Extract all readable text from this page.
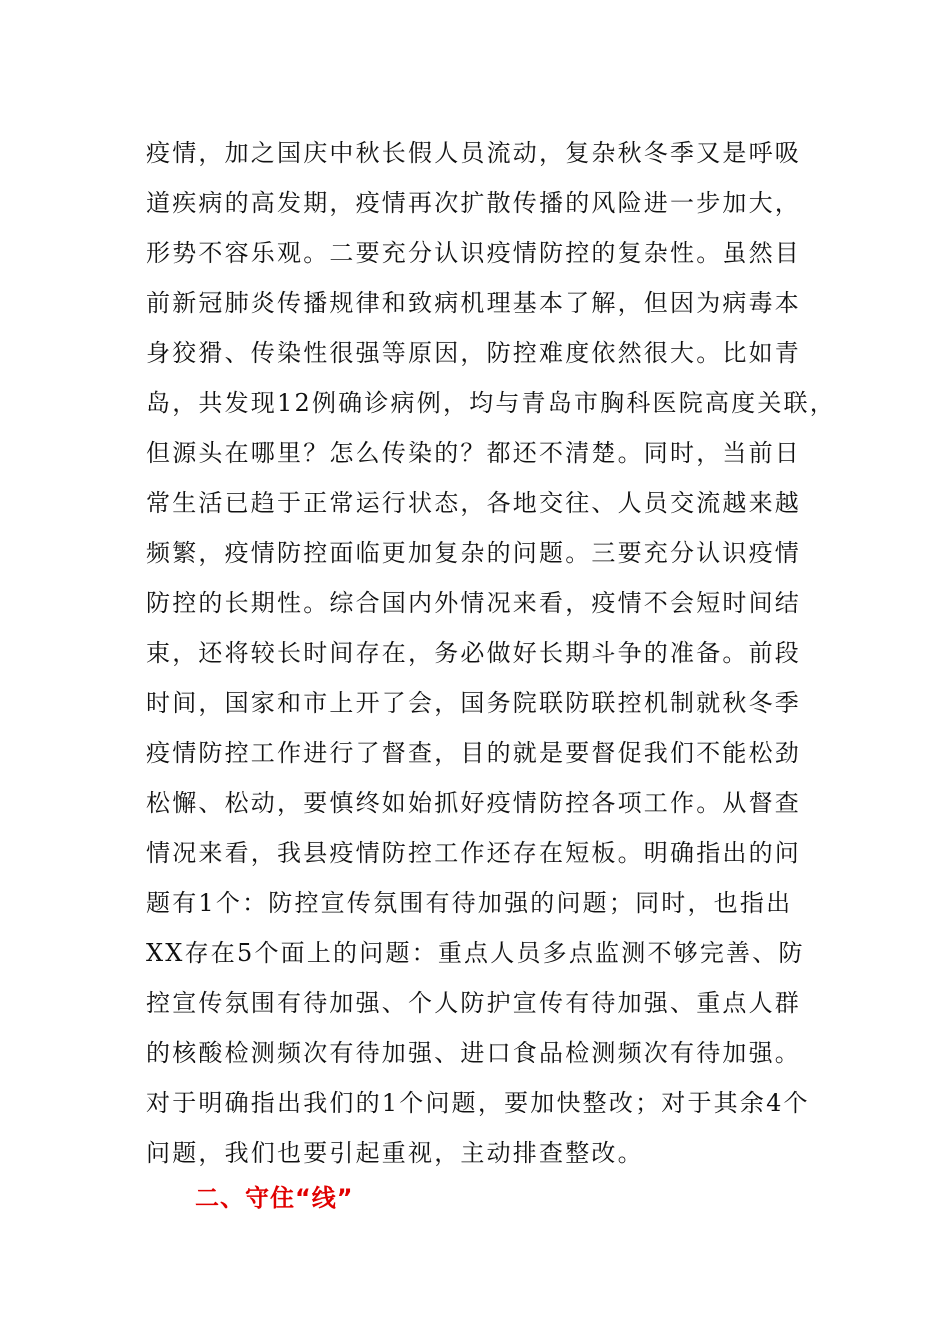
疫情，加之国庆中秋长假人员流动，复杂秋冬季又是呼吸
道疾病的高发期，疫情再次扩散传播的风险进一步加大，
形势不容乐观。二要充分认识疫情防控的复杂性。虽然目
前新冠肺炎传播规律和致病机理基本了解，但因为病毒本
身狡猾、传染性很强等原因，防控难度依然很大。比如青
岛，共发现12例确诊病例，均与青岛市胸科医院高度关联，
但源头在哪里？怎么传染的？都还不清楚。同时，当前日
常生活已趋于正常运行状态，各地交往、人员交流越来越
频繁，疫情防控面临更加复杂的问题。三要充分认识疫情
防控的长期性。综合国内外情况来看，疫情不会短时间结
束，还将较长时间存在，务必做好长期斗争的准备。前段
时间，国家和市上开了会，国务院联防联控机制就秋冬季
疫情防控工作进行了督查，目的就是要督促我们不能松劲
松懈、松动，要慎终如始抓好疫情防控各项工作。从督查
情况来看，我县疫情防控工作还存在短板。明确指出的问
题有1个：防控宣传氛围有待加强的问题；同时，也指出
XX存在5个面上的问题：重点人员多点监测不够完善、防
控宣传氛围有待加强、个人防护宣传有待加强、重点人群
的核酸检测频次有待加强、进口食品检测频次有待加强。
对于明确指出我们的1个问题，要加快整改；对于其余4个
问题，我们也要引起重视，主动排查整改。
二、守住“线”
